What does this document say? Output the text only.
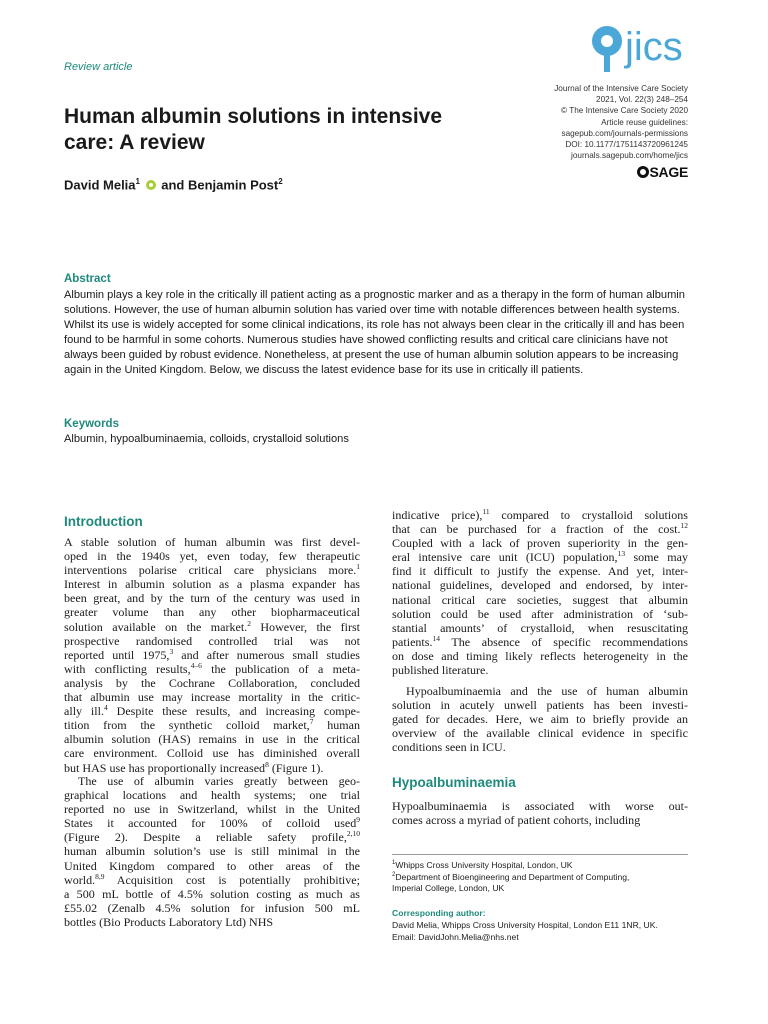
Review article	jics
Journal of the Intensive Care Society
2021, Vol. 22(3) 248–254
© The Intensive Care Society 2020
Article reuse guidelines:
sagepub.com/journals-permissions
DOI: 10.1177/1751143720961245
journals.sagepub.com/home/jics
SAGE
Human albumin solutions in intensive
care: A review
David Melia$^1$  and Benjamin Post$^2$
Abstract
Albumin plays a key role in the critically ill patient acting as a prognostic marker and as a therapy in the form of human albumin solutions. However, the use of human albumin solution has varied over time with notable differences between health systems. Whilst its use is widely accepted for some clinical indications, its role has not always been clear in the critically ill and has been found to be harmful in some cohorts. Numerous studies have showed conflicting results and critical care clinicians have not always been guided by robust evidence. Nonetheless, at present the use of human albumin solution appears to be increasing again in the United Kingdom. Below, we discuss the latest evidence base for its use in critically ill patients.
Keywords
Albumin, hypoalbuminaemia, colloids, crystalloid solutions
Introduction
A stable solution of human albumin was first devel-
oped in the 1940s yet, even today, few therapeutic
interventions polarise critical care physicians more.$^1$
Interest in albumin solution as a plasma expander has
been great, and by the turn of the century was used in
greater volume than any other biopharmaceutical
solution available on the market.$^2$ However, the first
prospective randomised controlled trial was not
reported until 1975,$^3$ and after numerous small studies
with conflicting results,$^{4-6}$ the publication of a meta-
analysis by the Cochrane Collaboration, concluded
that albumin use may increase mortality in the critic-
ally ill.$^4$ Despite these results, and increasing compe-
tition from the synthetic colloid market,$^7$ human
albumin solution (HAS) remains in use in the critical
care environment. Colloid use has diminished overall
but HAS use has proportionally increased$^8$ (Figure 1).
The use of albumin varies greatly between geo-
graphical locations and health systems; one trial
reported no use in Switzerland, whilst in the United
States it accounted for 100% of colloid used$^9$
(Figure 2). Despite a reliable safety profile,$^{2,10}$
human albumin solution’s use is still minimal in the
United Kingdom compared to other areas of the
world.$^{8,9}$ Acquisition cost is potentially prohibitive;
a 500 mL bottle of 4.5% solution costing as much as
£55.02 (Zenalb 4.5% solution for infusion 500 mL
bottles (Bio Products Laboratory Ltd) NHS
indicative price),$^{11}$ compared to crystalloid solutions
that can be purchased for a fraction of the cost.$^{12}$
Coupled with a lack of proven superiority in the gen-
eral intensive care unit (ICU) population,$^{13}$ some may
find it difficult to justify the expense. And yet, inter-
national guidelines, developed and endorsed, by inter-
national critical care societies, suggest that albumin
solution could be used after administration of ‘sub-
stantial amounts’ of crystalloid, when resuscitating
patients.$^{14}$ The absence of specific recommendations
on dose and timing likely reflects heterogeneity in the
published literature.
Hypoalbuminaemia and the use of human albumin
solution in acutely unwell patients has been investi-
gated for decades. Here, we aim to briefly provide an
overview of the available clinical evidence in specific
conditions seen in ICU.
Hypoalbuminaemia
Hypoalbuminaemia is associated with worse out-
comes across a myriad of patient cohorts, including
$^1$Whipps Cross University Hospital, London, UK
$^2$Department of Bioengineering and Department of Computing,
Imperial College, London, UK
Corresponding author:
David Melia, Whipps Cross University Hospital, London E11 1NR, UK.
Email: DavidJohn.Melia@nhs.net
